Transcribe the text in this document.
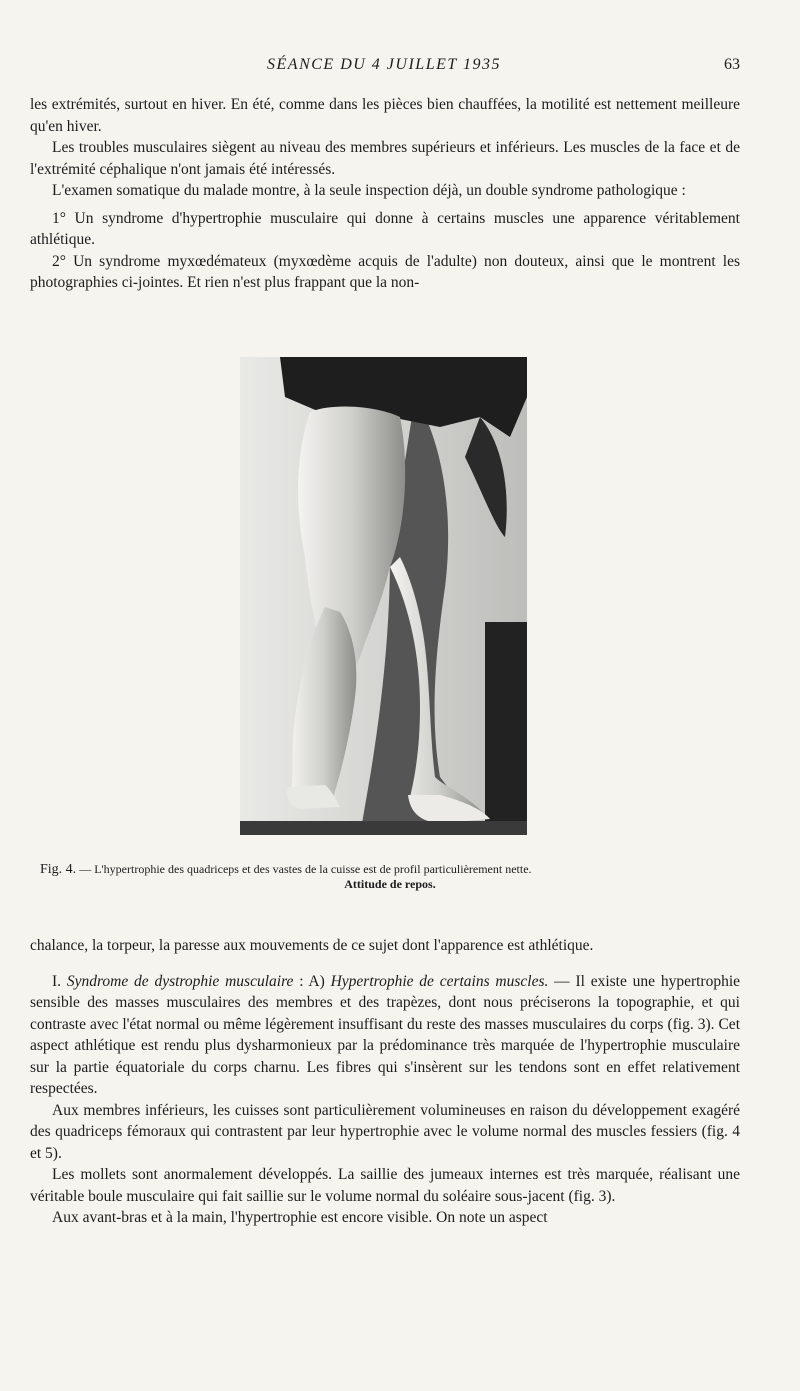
SÉANCE DU 4 JUILLET 1935	63

les extrémités, surtout en hiver. En été, comme dans les pièces bien chauffées, la motilité est nettement meilleure qu'en hiver.

Les troubles musculaires siègent au niveau des membres supérieurs et inférieurs. Les muscles de la face et de l'extrémité céphalique n'ont jamais été intéressés.

L'examen somatique du malade montre, à la seule inspection déjà, un double syndrome pathologique :

1° Un syndrome d'hypertrophie musculaire qui donne à certains muscles une apparence véritablement athlétique.

2° Un syndrome myxœdémateux (myxœdème acquis de l'adulte) non douteux, ainsi que le montrent les photographies ci-jointes. Et rien n'est plus frappant que la non-

Fig. 4. — L'hypertrophie des quadriceps et des vastes de la cuisse est de profil particulièrement nette.
Attitude de repos.

chalance, la torpeur, la paresse aux mouvements de ce sujet dont l'apparence est athlétique.

I. Syndrome de dystrophie musculaire : A) Hypertrophie de certains muscles. — Il existe une hypertrophie sensible des masses musculaires des membres et des trapèzes, dont nous préciserons la topographie, et qui contraste avec l'état normal ou même légèrement insuffisant du reste des masses musculaires du corps (fig. 3). Cet aspect athlétique est rendu plus dysharmonieux par la prédominance très marquée de l'hypertrophie musculaire sur la partie équatoriale du corps charnu. Les fibres qui s'insèrent sur les tendons sont en effet relativement respectées.

Aux membres inférieurs, les cuisses sont particulièrement volumineuses en raison du développement exagéré des quadriceps fémoraux qui contrastent par leur hypertrophie avec le volume normal des muscles fessiers (fig. 4 et 5).

Les mollets sont anormalement développés. La saillie des jumeaux internes est très marquée, réalisant une véritable boule musculaire qui fait saillie sur le volume normal du soléaire sous-jacent (fig. 3).

Aux avant-bras et à la main, l'hypertrophie est encore visible. On note un aspect
